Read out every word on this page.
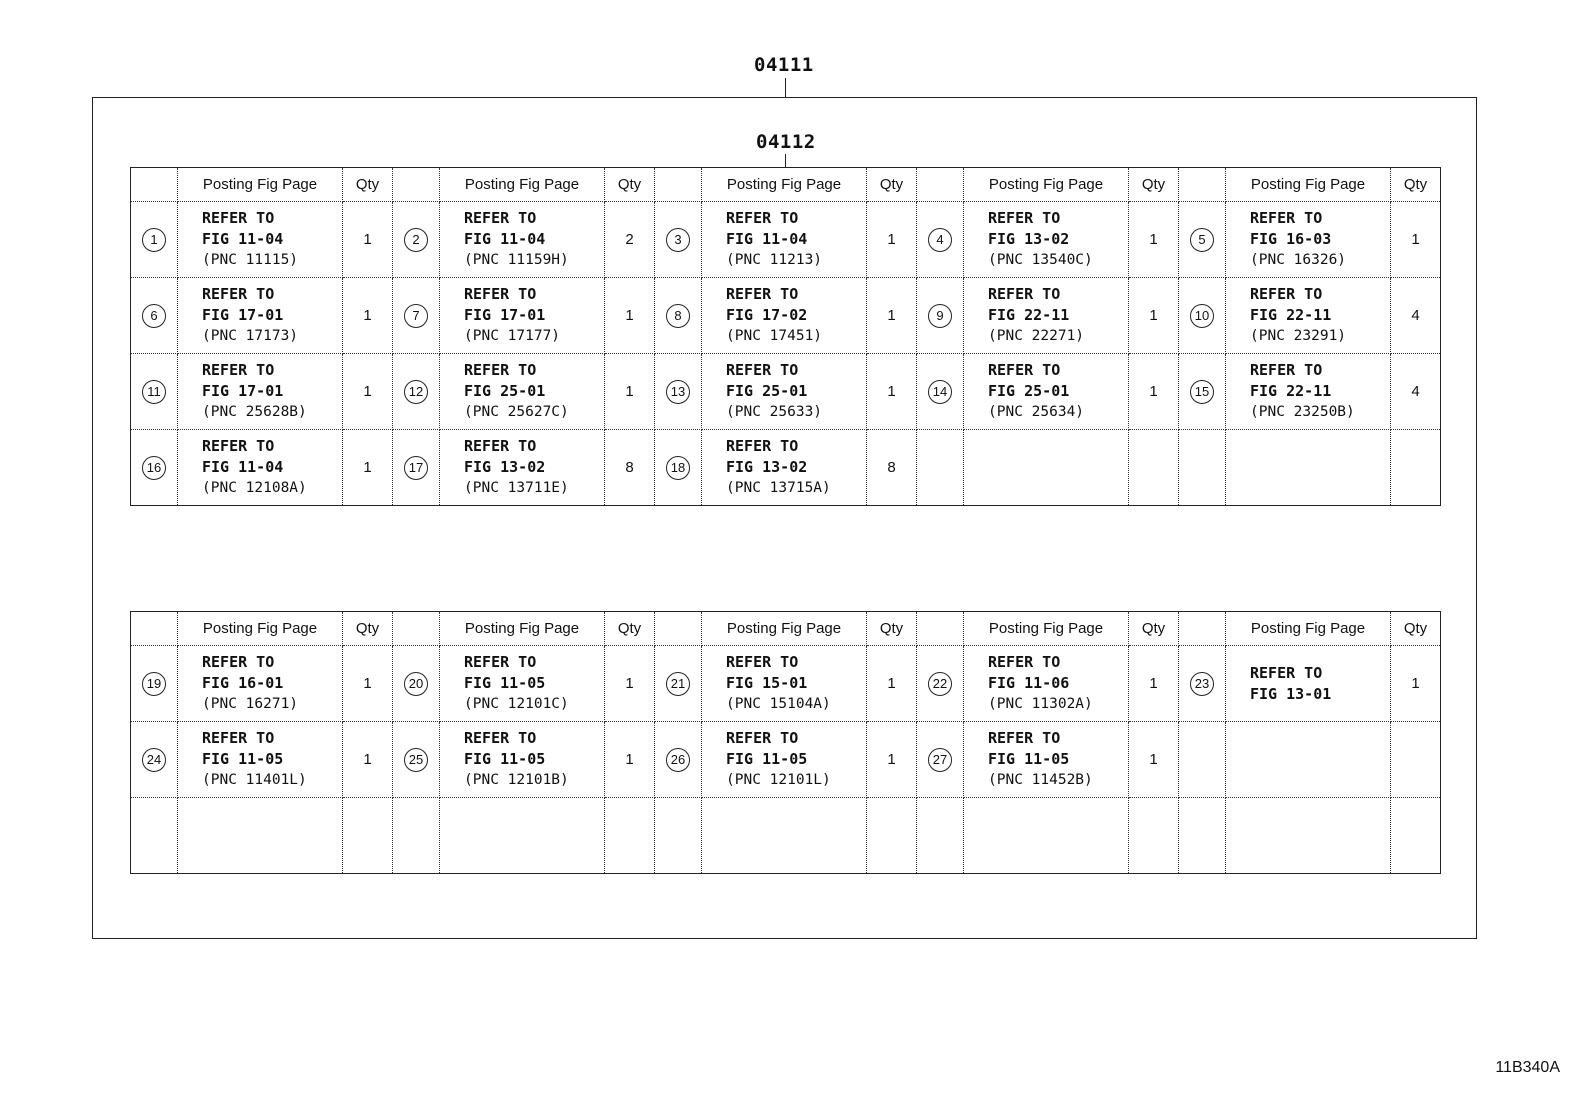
04111
04112
	Posting Fig Page	Qty		Posting Fig Page	Qty		Posting Fig Page	Qty		Posting Fig Page	Qty		Posting Fig Page	Qty
1	REFER TO
FIG 11-04
(PNC 11115)	1	2	REFER TO
FIG 11-04
(PNC 11159H)	2	3	REFER TO
FIG 11-04
(PNC 11213)	1	4	REFER TO
FIG 13-02
(PNC 13540C)	1	5	REFER TO
FIG 16-03
(PNC 16326)	1
6	REFER TO
FIG 17-01
(PNC 17173)	1	7	REFER TO
FIG 17-01
(PNC 17177)	1	8	REFER TO
FIG 17-02
(PNC 17451)	1	9	REFER TO
FIG 22-11
(PNC 22271)	1	10	REFER TO
FIG 22-11
(PNC 23291)	4
11	REFER TO
FIG 17-01
(PNC 25628B)	1	12	REFER TO
FIG 25-01
(PNC 25627C)	1	13	REFER TO
FIG 25-01
(PNC 25633)	1	14	REFER TO
FIG 25-01
(PNC 25634)	1	15	REFER TO
FIG 22-11
(PNC 23250B)	4
16	REFER TO
FIG 11-04
(PNC 12108A)	1	17	REFER TO
FIG 13-02
(PNC 13711E)	8	18	REFER TO
FIG 13-02
(PNC 13715A)	8		

	Posting Fig Page	Qty		Posting Fig Page	Qty		Posting Fig Page	Qty		Posting Fig Page	Qty		Posting Fig Page	Qty
19	REFER TO
FIG 16-01
(PNC 16271)	1	20	REFER TO
FIG 11-05
(PNC 12101C)	1	21	REFER TO
FIG 15-01
(PNC 15104A)	1	22	REFER TO
FIG 11-06
(PNC 11302A)	1	23	REFER TO
FIG 13-01	1
24	REFER TO
FIG 11-05
(PNC 11401L)	1	25	REFER TO
FIG 11-05
(PNC 12101B)	1	26	REFER TO
FIG 11-05
(PNC 12101L)	1	27	REFER TO
FIG 11-05
(PNC 11452B)	1		

11B340A
